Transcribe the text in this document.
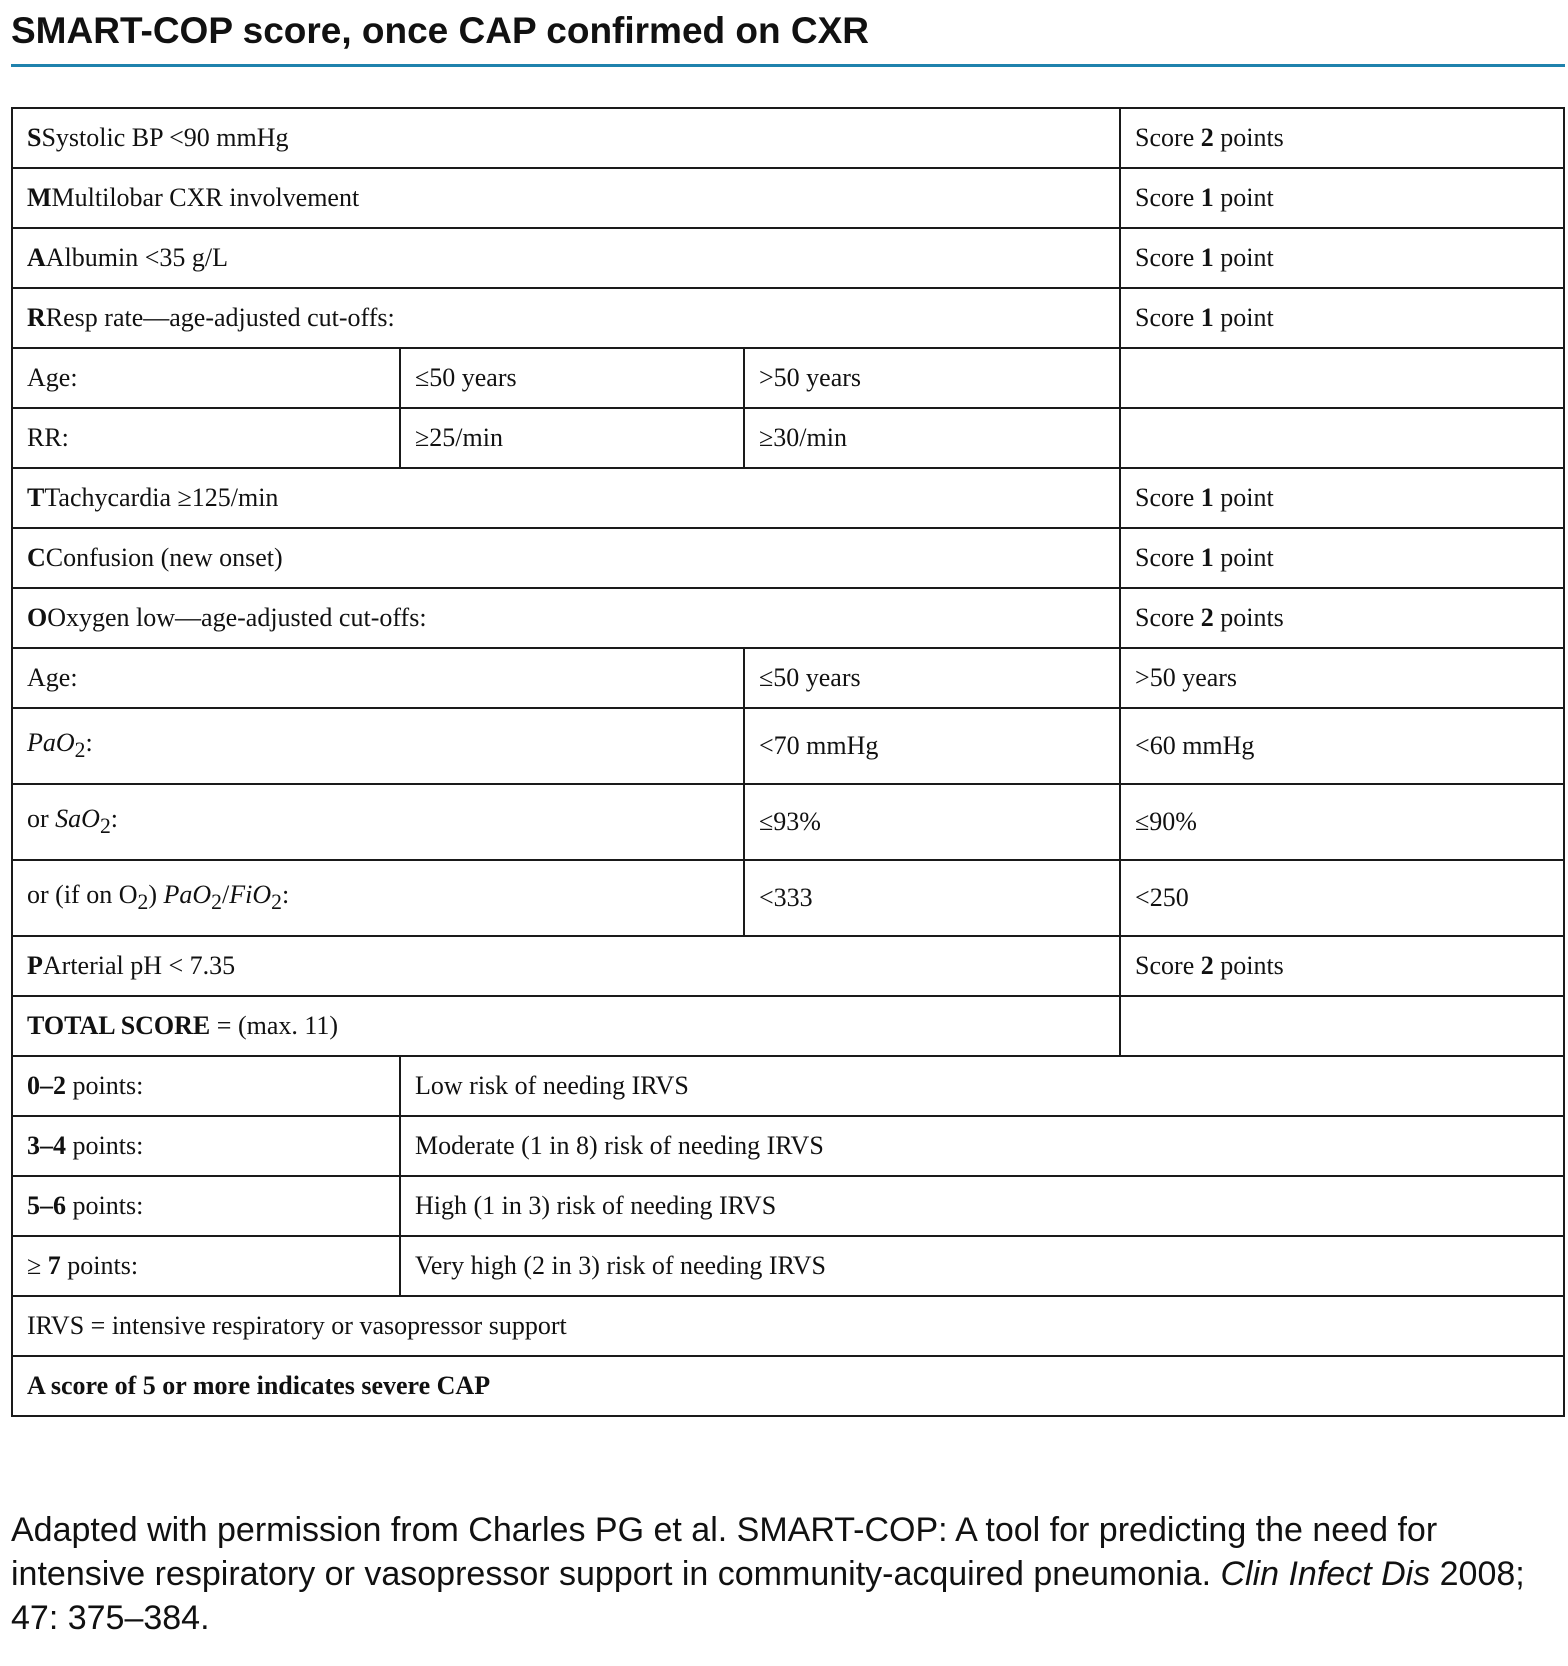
SMART-COP score, once CAP confirmed on CXR
SSystolic BP <90 mmHg			Score 2 points
MMultilobar CXR involvement			Score 1 point
AAlbumin <35 g/L			Score 1 point
RResp rate—age-adjusted cut-offs:			Score 1 point
Age:	≤50 years	>50 years	
RR:	≥25/min	≥30/min	
TTachycardia ≥125/min			Score 1 point
CConfusion (new onset)			Score 1 point
OOxygen low—age-adjusted cut-offs:			Score 2 points
Age:		≤50 years	>50 years
PaO$_2$:		<70 mmHg	<60 mmHg
or SaO$_2$:		≤93%	≤90%
or (if on $O_2$) PaO$_2$/FiO$_2$:		<333	<250
PArterial pH < 7.35			Score 2 points
TOTAL SCORE = (max. 11)			
0–2 points:	Low risk of needing IRVS		
3–4 points:	Moderate (1 in 8) risk of needing IRVS		
5–6 points:	High (1 in 3) risk of needing IRVS		
≥ 7 points:	Very high (2 in 3) risk of needing IRVS		
IRVS = intensive respiratory or vasopressor support			
A score of 5 or more indicates severe CAP			

Adapted with permission from Charles PG et al. SMART-COP: A tool for predicting the need for intensive respiratory or vasopressor support in community-acquired pneumonia. Clin Infect Dis 2008; 47: 375–384.
